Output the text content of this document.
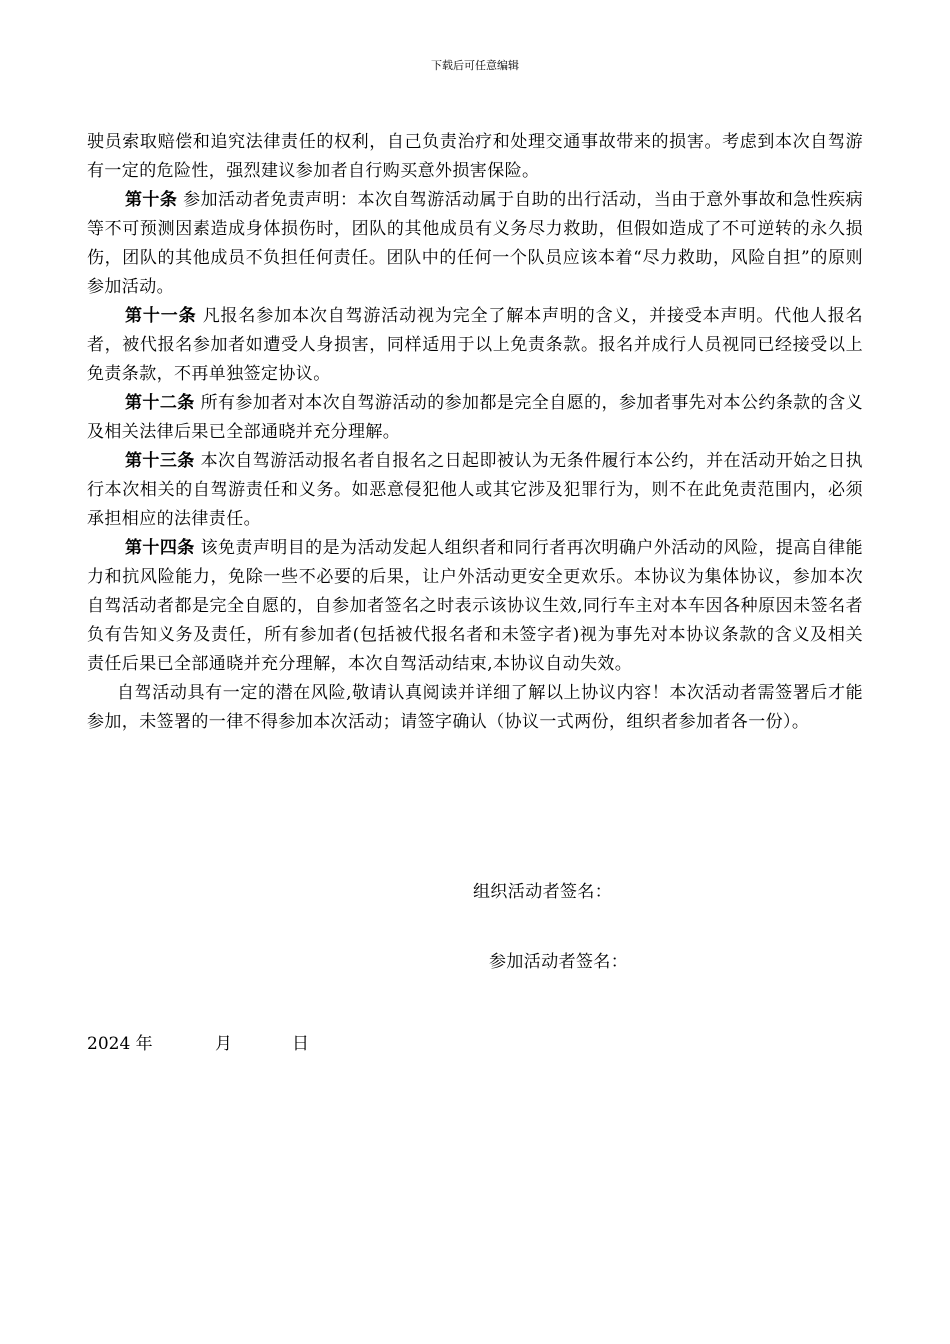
下载后可任意编辑

驶员索取赔偿和追究法律责任的权利，自己负责治疗和处理交通事故带来的损害。考虑到本次自驾游有一定的危险性，强烈建议参加者自行购买意外损害保险。

第十条 参加活动者免责声明：本次自驾游活动属于自助的出行活动，当由于意外事故和急性疾病等不可预测因素造成身体损伤时，团队的其他成员有义务尽力救助，但假如造成了不可逆转的永久损伤，团队的其他成员不负担任何责任。团队中的任何一个队员应该本着“尽力救助，风险自担”的原则参加活动。

第十一条 凡报名参加本次自驾游活动视为完全了解本声明的含义，并接受本声明。代他人报名者，被代报名参加者如遭受人身损害，同样适用于以上免责条款。报名并成行人员视同已经接受以上免责条款，不再单独签定协议。

第十二条 所有参加者对本次自驾游活动的参加都是完全自愿的，参加者事先对本公约条款的含义及相关法律后果已全部通晓并充分理解。

第十三条 本次自驾游活动报名者自报名之日起即被认为无条件履行本公约，并在活动开始之日执行本次相关的自驾游责任和义务。如恶意侵犯他人或其它涉及犯罪行为，则不在此免责范围内，必须承担相应的法律责任。

第十四条 该免责声明目的是为活动发起人组织者和同行者再次明确户外活动的风险，提高自律能力和抗风险能力，免除一些不必要的后果，让户外活动更安全更欢乐。本协议为集体协议，参加本次自驾活动者都是完全自愿的，自参加者签名之时表示该协议生效,同行车主对本车因各种原因未签名者负有告知义务及责任，所有参加者(包括被代报名者和未签字者)视为事先对本协议条款的含义及相关责任后果已全部通晓并充分理解，本次自驾活动结束,本协议自动失效。

自驾活动具有一定的潜在风险,敬请认真阅读并详细了解以上协议内容！本次活动者需签署后才能参加，未签署的一律不得参加本次活动；请签字确认（协议一式两份，组织者参加者各一份）。

组织活动者签名：
参加活动者签名：
2024 年	月	日
